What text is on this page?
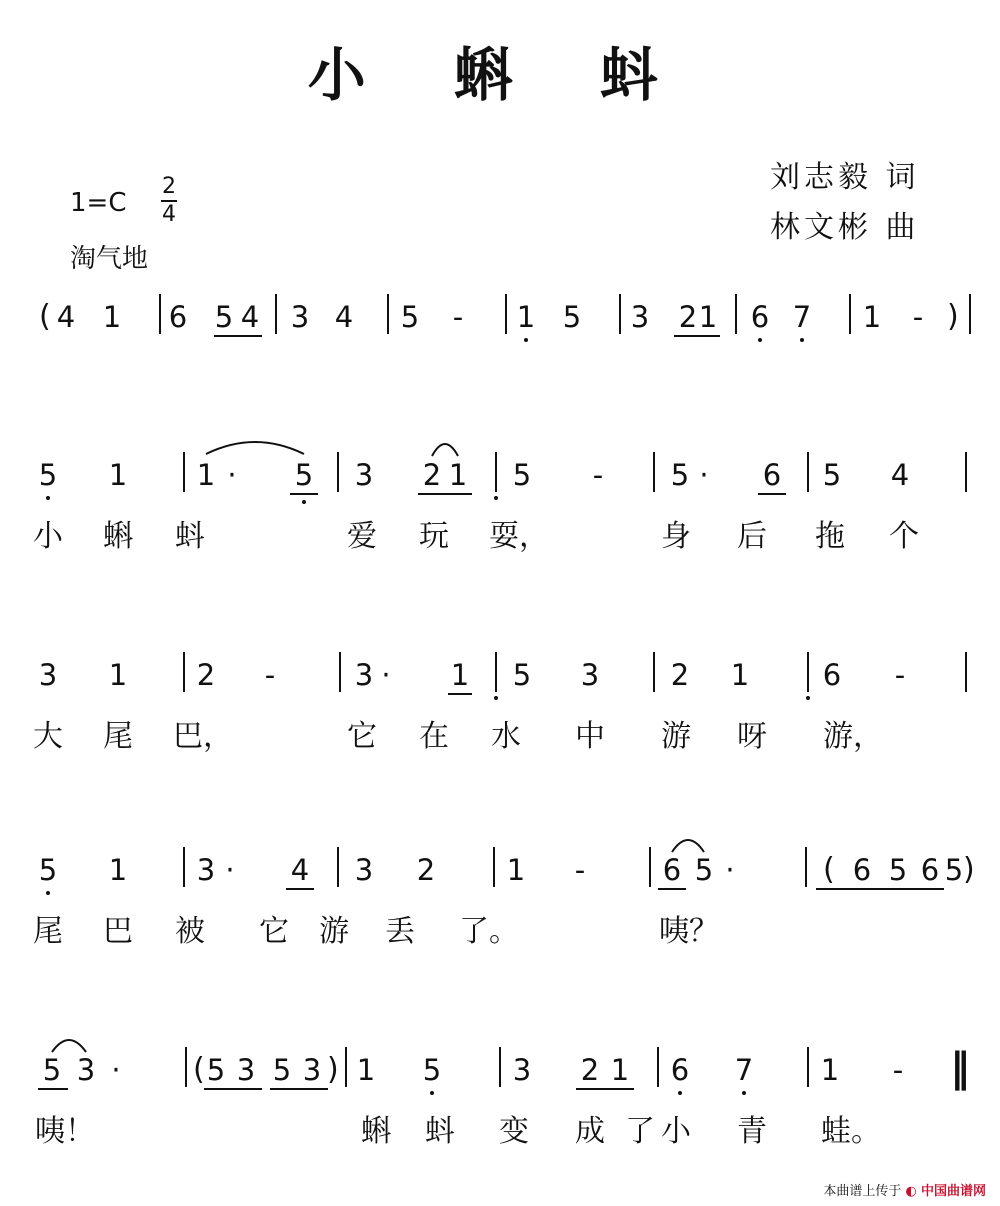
小 蝌 蚪
刘志毅 词
林文彬 曲
1=C
2
4
淘气地
( 4 1 6 5 4 3 4 5 - 1 5 3 2 1 6 7 1 - )
5 1 1 · 5 3 2 1 5 - 5 · 6 5 4
小 蝌 蚪	爱 玩 耍，	身 后 拖 个
3 1 2 -	3 · 1 5 3 2 1	6 -
大 尾 巴，	它 在 水 中 游 呀 游，
5 1 3 · 4 3 2 1 -	6 5 ·	( 6 5 6 5 )
尾 巴 被 它 游 丢 了。	咦？
5 3 · ( 5 3 5 3 ) 1 5 3 2 1 6 7 1 - ‖
咦！	蝌 蚪 变 成 了 小 青 蛙。
本曲谱上传于 ◐ 中国曲谱网
